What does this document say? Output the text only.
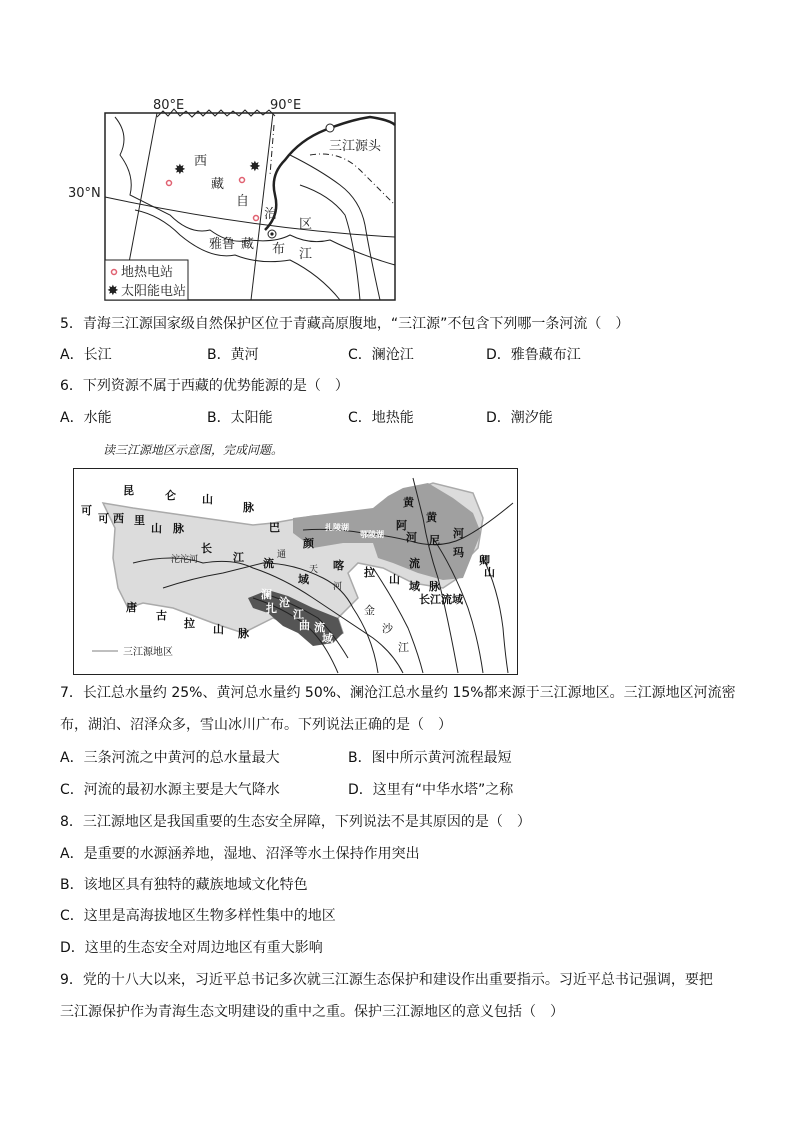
80°E	90°E
30°N
西
藏
自
治
区
雅 鲁 藏 布 江
三江源头
✸	✸
地热电站
✸ 太阳能电站
5．青海三江源国家级自然保护区位于青藏高原腹地，“三江源”不包含下列哪一条河流（　）
A．长江	B．黄河	C．澜沧江	D．雅鲁藏布江
6．下列资源不属于西藏的优势能源的是（　）
A．水能	B．太阳能	C．地热能	D．潮汐能
读三江源地区示意图，完成问题。
昆	仑 山
脉
可
可 西 里
山 脉	巴
颜
喀
拉
山
脉
沱沱河	通
天
河
长
江 流
域
黄
河
流
域
黄
河
阿
尼
玛
卿
山
扎陵湖
鄂陵湖
长江流域
澜
沧
江
扎
曲 流
域
唐
古
拉 山 脉
金
沙
江
三江源地区
7．长江总水量约 25%、黄河总水量约 50%、澜沧江总水量约 15%都来源于三江源地区。三江源地区河流密
布，湖泊、沼泽众多，雪山冰川广布。下列说法正确的是（　）
A．三条河流之中黄河的总水量最大	B．图中所示黄河流程最短
C．河流的最初水源主要是大气降水	D．这里有“中华水塔”之称
8．三江源地区是我国重要的生态安全屏障，下列说法不是其原因的是（　）
A．是重要的水源涵养地，湿地、沼泽等水土保持作用突出
B．该地区具有独特的藏族地域文化特色
C．这里是高海拔地区生物多样性集中的地区
D．这里的生态安全对周边地区有重大影响
9．党的十八大以来，习近平总书记多次就三江源生态保护和建设作出重要指示。习近平总书记强调，要把
三江源保护作为青海生态文明建设的重中之重。保护三江源地区的意义包括（　）
